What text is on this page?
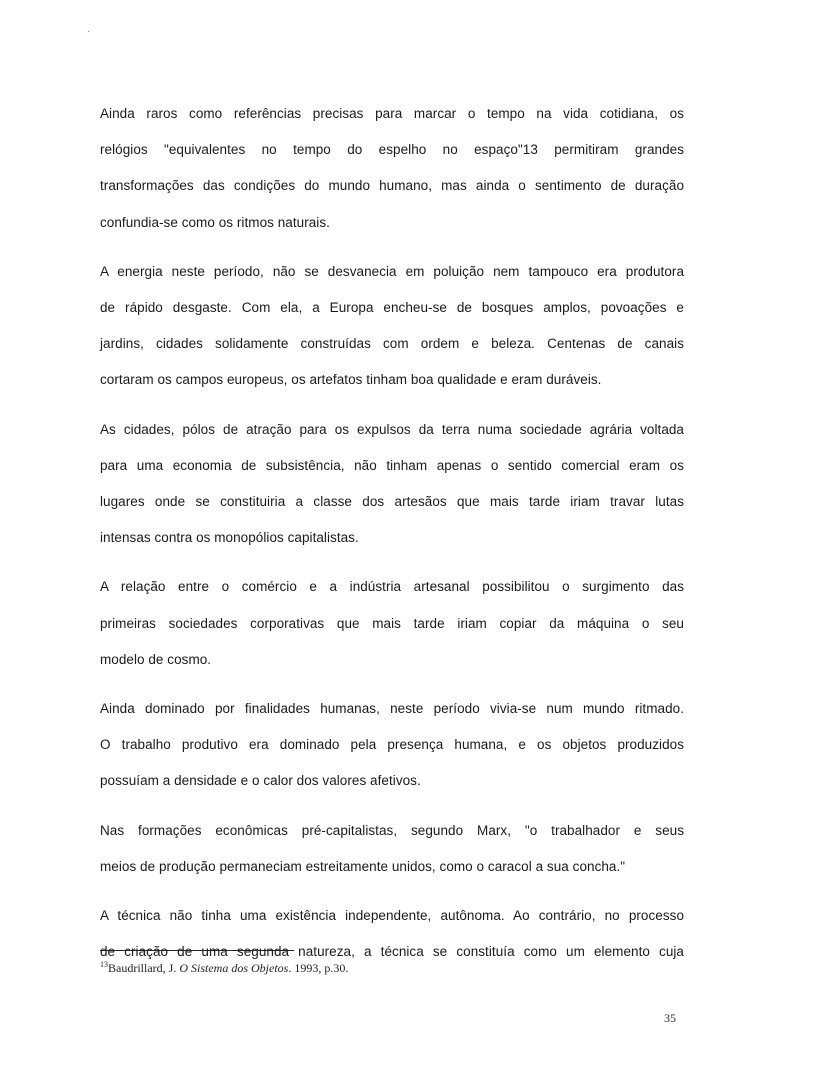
Ainda raros como referências precisas para marcar o tempo na vida cotidiana, os
relógios "equivalentes no tempo do espelho no espaço"13 permitiram grandes
transformações das condições do mundo humano, mas ainda o sentimento de duração
confundia-se como os ritmos naturais.

A energia neste período, não se desvanecia em poluição nem tampouco era produtora
de rápido desgaste. Com ela, a Europa encheu-se de bosques amplos, povoações e
jardins, cidades solidamente construídas com ordem e beleza. Centenas de canais
cortaram os campos europeus, os artefatos tinham boa qualidade e eram duráveis.

As cidades, pólos de atração para os expulsos da terra numa sociedade agrária voltada
para uma economia de subsistência, não tinham apenas o sentido comercial eram os
lugares onde se constituiria a classe dos artesãos que mais tarde iriam travar lutas
intensas contra os monopólios capitalistas.

A relação entre o comércio e a indústria artesanal possibilitou o surgimento das
primeiras sociedades corporativas que mais tarde iriam copiar da máquina o seu
modelo de cosmo.

Ainda dominado por finalidades humanas, neste período vivia-se num mundo ritmado.
O trabalho produtivo era dominado pela presença humana, e os objetos produzidos
possuíam a densidade e o calor dos valores afetivos.

Nas formações econômicas pré-capitalistas, segundo Marx, "o trabalhador e seus
meios de produção permaneciam estreitamente unidos, como o caracol a sua concha."

A técnica não tinha uma existência independente, autônoma. Ao contrário, no processo
de criação de uma segunda natureza, a técnica se constituía como um elemento cuja

$^{13}$Baudrillard, J. O Sistema dos Objetos. 1993, p.30.
35
